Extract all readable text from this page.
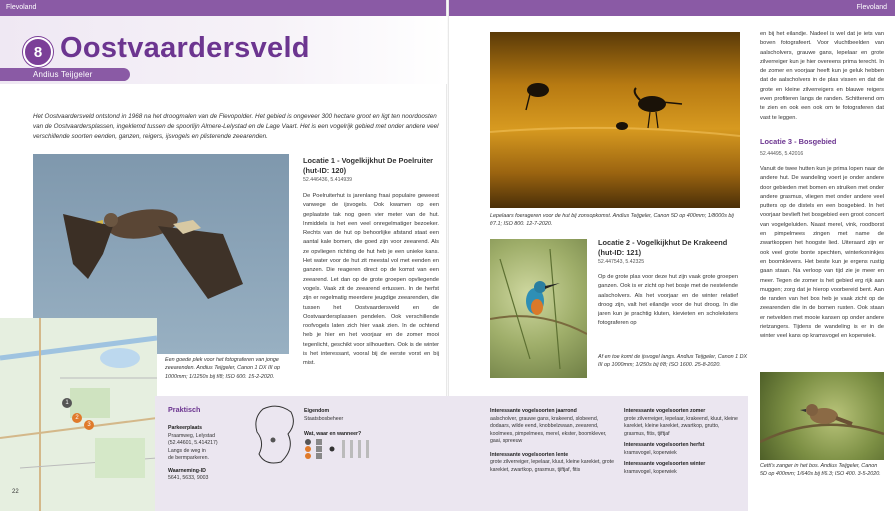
Flevoland	Flevoland
8 Oostvaardersveld
Andius Teijgeler
Het Oostvaardersveld ontstond in 1968 na het droogmalen van de Flevopolder. Het gebied is ongeveer 300 hectare groot en ligt ten noordoosten van de Oostvaardersplassen, ingeklemd tussen de spoorlijn Almere-Lelystad en de Lage Vaart. Het is een vogelrijk gebied met onder andere veel verschillende soorten eenden, ganzen, reigers, ijsvogels en plisterende zeearenden.
Een goede plek voor het fotograferen van jonge zeearenden. Andius Teijgeler, Canon 1 DX III op 1000mm; 1/1250s bij f/8; ISO 600. 15-2-2020.
Locatie 1 - Vogelkijkhut De Poelruiter (hut-ID: 120)
52.446436, 5.414939
De Poelruiterhut is jarenlang fraai populaire geweest vanwege de ijsvogels. Ook kwamen op een geplaatste tak nog geen vier meter van de hut. Inmiddels is het een veel onregelmatiger bezoeker. Rechts van de hut op behoorlijke afstand staat een aantal kale bomen, die goed zijn voor zeearend. Als ze opvliegen richting de hut heb je een unieke kans. Het water voor de hut zit meestal vol met eenden en ganzen. Die reageren direct op de komst van een zeearend. Let dan op de grote groepen opvliegende vogels. Vaak zit de zeearend ertussen. In de herfst zijn er regelmatig meerdere jeugdige zeearenden, die tussen het Oostvaardersveld en de Oostvaardersplassen pendelen. Ook verschillende roofvogels laten zich hier vaak zien. In de ochtend heb je hier en het voorjaar en de zomer mooi tegenlicht, geschikt voor silhouetten. Ook is de winter is het interessant, vooral bij de eerste vorst en bij mist.
1
2
3
22
Praktisch
Parkeerplaats
Praamweg, Lelystad
(52.44601, 5.414217)
Langs de weg in
de bermparkeren.
Waarneming-ID
5641, 5633, 9003
Eigendom
Staatsbosbeheer
Wat, waar en wanneer?
Interessante vogelsoorten jaarrond
aalscholver, grauwe gans, krakeend, slobeend, dodaars, wilde eend, knobbelzwaan, zeearend, koolmees, pimpelmees, merel, ekster, boomklever, gaai, spreeuw
Interessante vogelsoorten lente
grote zilverreiger, lepelaar, kluut, kleine karekiet, grote karekiet, zwartkop, grasmus, tjiftjaf, fitis
Interessante vogelsoorten zomer
grote zilverreiger, lepelaar, krakeend, kluut, kleine karekiet, kleine karekiet, zwartkop, grutto, grasmus, fitis, tjiftjaf
Interessante vogelsoorten herfst
kramsvogel, koperwiek
Interessante vogelsoorten winter
kramsvogel, koperwiek
Lepelaars foerageren voor de hut bij zonsopkomst. Andius Teijgeler, Canon 5D op 400mm; 1/8000s bij f/7.1; ISO 800. 12-7-2020.
Af en toe komt de ijsvogel langs. Andius Teijgeler, Canon 1 DX III op 1000mm; 1/250s bij f/8; ISO 1600. 25-8-2020.
Locatie 2 - Vogelkijkhut De Krakeend (hut-ID: 121)
52.447543, 5.42325
Op de grote plas voor deze hut zijn vaak grote groepen ganzen. Ook is er zicht op het bosje met de nestelende aalscholvers. Als het voorjaar en de winter relatief droog zijn, valt het eilandje voor de hut droog. In die jaren kun je prachtig kluten, kievieten en scholeksters fotograferen op
en bij het eilandje. Nadeel is wel dat je iets van boven fotografeert. Voor vluchtbeelden van aalscholvers, grauwe gans, lepelaar en grote zilverreiger kun je hier overeens prima terecht. In de zomer en voorjaar heeft kun je geluk hebben dat de aalscholvers in de plas vissen en dat de grote en kleine zilverreigers en blauwe reigers even profiteren langs de randen. Schitterend om te zien en ook een ook om te fotograferen dat vast te leggen.
Locatie 3 - Bosgebied
52.44495, 5.42016
Vanuit de twee hutten kun je prima lopen naar de andere hut. De wandeling voert je onder andere door gebieden met bomen en struiken met onder andere grasmus, vliegen met onder andere veel putters op de distels en een bosgebied. In het voorjaar bevlieft het bosgebied een groot concert van vogelgeluiden. Naast merel, vink, roodborst en pimpelmees zingen met name de zwartkoppen het hoogste lied. Uiteraard zijn er ook veel grote bonte spechten, winterkoninkjes en boomklevers. Het beste kun je ergens rustig gaan staan. Na verloop van tijd zie je meer en meer. Tegen de zomer is het gebied erg rijk aan muggen; zorg dat je hierop voorbereid bent. Aan de randen van het bos heb je vaak zicht op de zeearenden die in de bomen rusten. Ook staan er netvelden met mooie kansen op onder andere rietzangers. Tijdens de wandeling is er in de winter veel kans op kramsvogel en koperwiek.
Cetti's zanger in het bos. Andius Teijgeler, Canon 5D op 400mm; 1/640s bij f/6.3; ISO 400. 3-5-2020.
